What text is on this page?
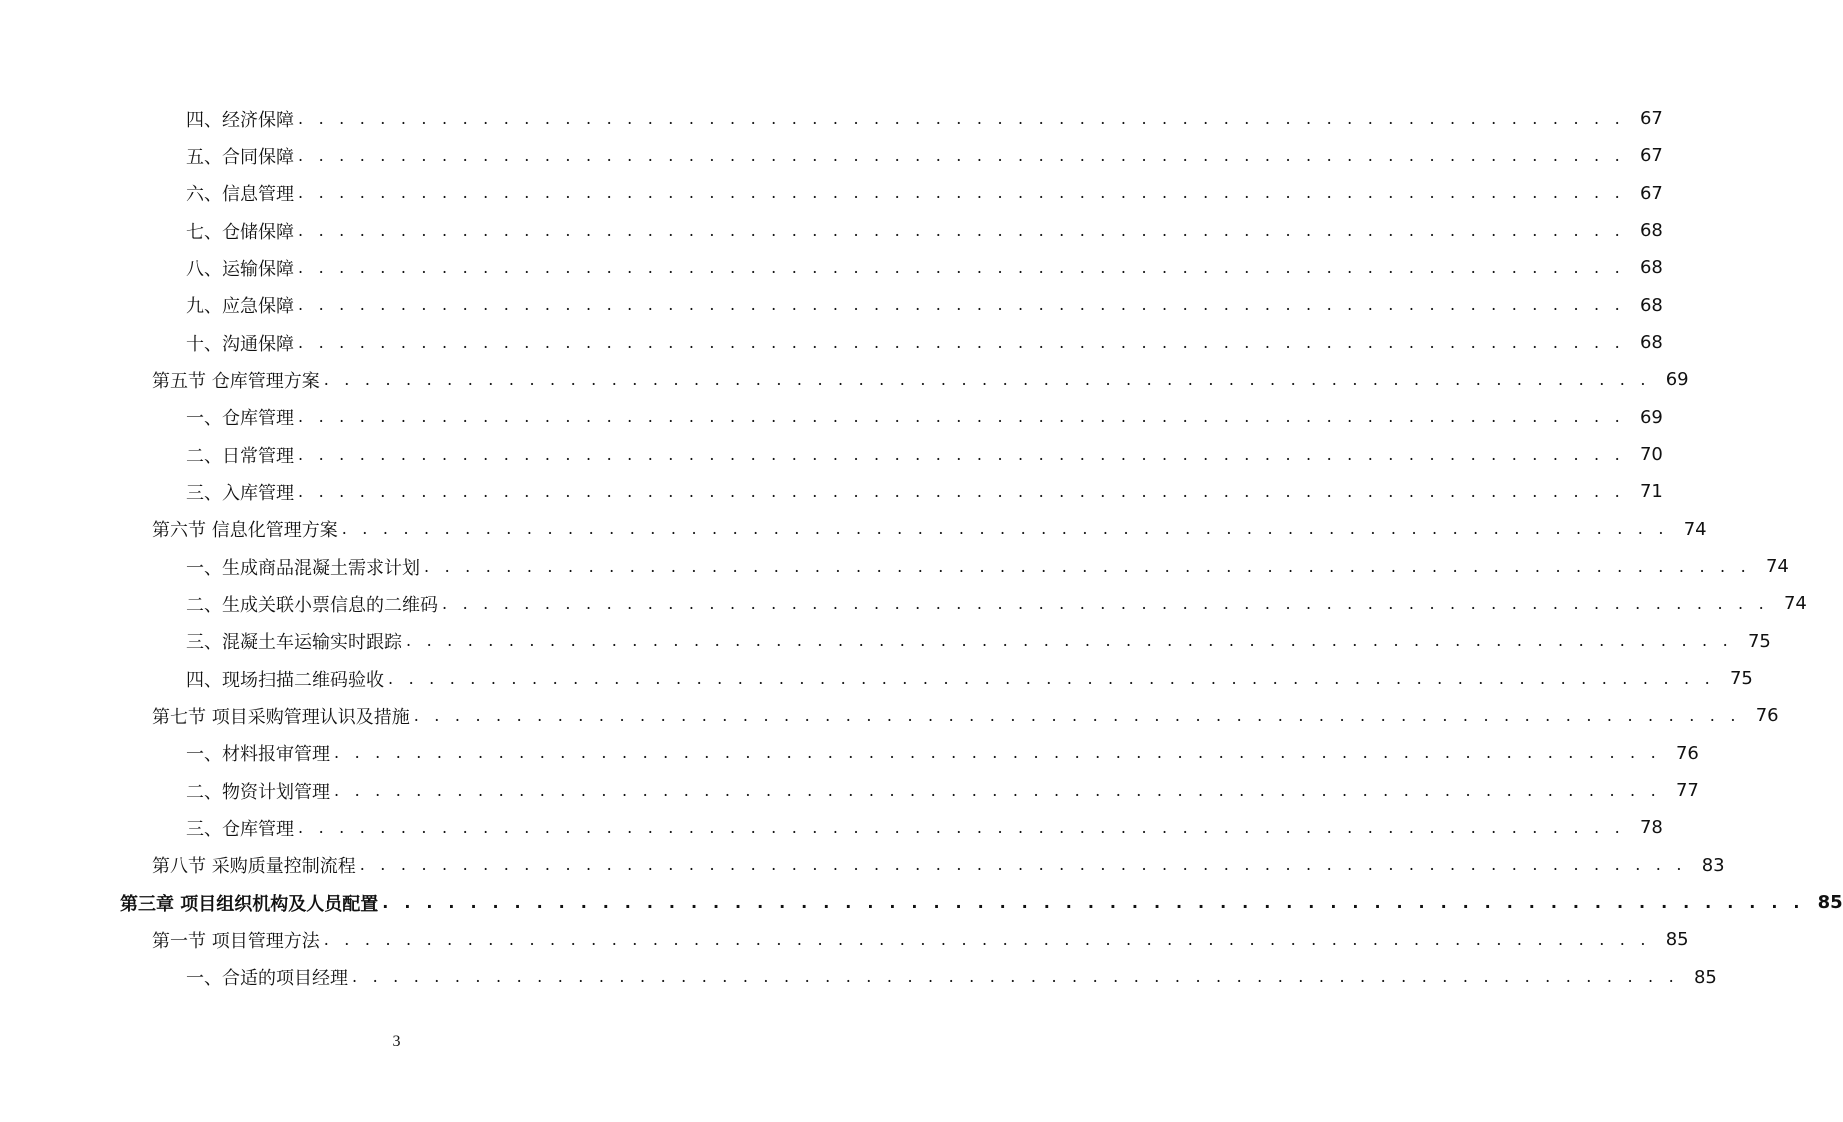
四、经济保障 . . . . . . . . . . . . . . . . . . . . . . . . . . . . . . . . . . . . . . . . . . . . . . . . . . . . . . . . . . . . . . . . . 67
五、合同保障 . . . . . . . . . . . . . . . . . . . . . . . . . . . . . . . . . . . . . . . . . . . . . . . . . . . . . . . . . . . . . . . . . 67
六、信息管理 . . . . . . . . . . . . . . . . . . . . . . . . . . . . . . . . . . . . . . . . . . . . . . . . . . . . . . . . . . . . . . . . . 67
七、仓储保障 . . . . . . . . . . . . . . . . . . . . . . . . . . . . . . . . . . . . . . . . . . . . . . . . . . . . . . . . . . . . . . . . . 68
八、运输保障 . . . . . . . . . . . . . . . . . . . . . . . . . . . . . . . . . . . . . . . . . . . . . . . . . . . . . . . . . . . . . . . . . 68
九、应急保障 . . . . . . . . . . . . . . . . . . . . . . . . . . . . . . . . . . . . . . . . . . . . . . . . . . . . . . . . . . . . . . . . . 68
十、沟通保障 . . . . . . . . . . . . . . . . . . . . . . . . . . . . . . . . . . . . . . . . . . . . . . . . . . . . . . . . . . . . . . . . . 68
第五节 仓库管理方案 . . . . . . . . . . . . . . . . . . . . . . . . . . . . . . . . . . . . . . . . . . . . . . . . . . . . . . . . . . . . . . . . . 69
一、仓库管理 . . . . . . . . . . . . . . . . . . . . . . . . . . . . . . . . . . . . . . . . . . . . . . . . . . . . . . . . . . . . . . . . . 69
二、日常管理 . . . . . . . . . . . . . . . . . . . . . . . . . . . . . . . . . . . . . . . . . . . . . . . . . . . . . . . . . . . . . . . . . 70
三、入库管理 . . . . . . . . . . . . . . . . . . . . . . . . . . . . . . . . . . . . . . . . . . . . . . . . . . . . . . . . . . . . . . . . . 71
第六节 信息化管理方案 . . . . . . . . . . . . . . . . . . . . . . . . . . . . . . . . . . . . . . . . . . . . . . . . . . . . . . . . . . . . . . . . . 74
一、生成商品混凝土需求计划 . . . . . . . . . . . . . . . . . . . . . . . . . . . . . . . . . . . . . . . . . . . . . . . . . . . . . . . . . . . . . . . . . 74
二、生成关联小票信息的二维码 . . . . . . . . . . . . . . . . . . . . . . . . . . . . . . . . . . . . . . . . . . . . . . . . . . . . . . . . . . . . . . . . . 74
三、混凝土车运输实时跟踪 . . . . . . . . . . . . . . . . . . . . . . . . . . . . . . . . . . . . . . . . . . . . . . . . . . . . . . . . . . . . . . . . . 75
四、现场扫描二维码验收 . . . . . . . . . . . . . . . . . . . . . . . . . . . . . . . . . . . . . . . . . . . . . . . . . . . . . . . . . . . . . . . . . 75
第七节 项目采购管理认识及措施 . . . . . . . . . . . . . . . . . . . . . . . . . . . . . . . . . . . . . . . . . . . . . . . . . . . . . . . . . . . . . . . . . 76
一、材料报审管理 . . . . . . . . . . . . . . . . . . . . . . . . . . . . . . . . . . . . . . . . . . . . . . . . . . . . . . . . . . . . . . . . . 76
二、物资计划管理 . . . . . . . . . . . . . . . . . . . . . . . . . . . . . . . . . . . . . . . . . . . . . . . . . . . . . . . . . . . . . . . . . 77
三、仓库管理 . . . . . . . . . . . . . . . . . . . . . . . . . . . . . . . . . . . . . . . . . . . . . . . . . . . . . . . . . . . . . . . . . 78
第八节 采购质量控制流程 . . . . . . . . . . . . . . . . . . . . . . . . . . . . . . . . . . . . . . . . . . . . . . . . . . . . . . . . . . . . . . . . . 83
第三章 项目组织机构及人员配置 . . . . . . . . . . . . . . . . . . . . . . . . . . . . . . . . . . . . . . . . . . . . . . . . . . . . . . . . . . . . . . . . . 85
第一节 项目管理方法 . . . . . . . . . . . . . . . . . . . . . . . . . . . . . . . . . . . . . . . . . . . . . . . . . . . . . . . . . . . . . . . . . 85
一、合适的项目经理 . . . . . . . . . . . . . . . . . . . . . . . . . . . . . . . . . . . . . . . . . . . . . . . . . . . . . . . . . . . . . . . . . 85
3
